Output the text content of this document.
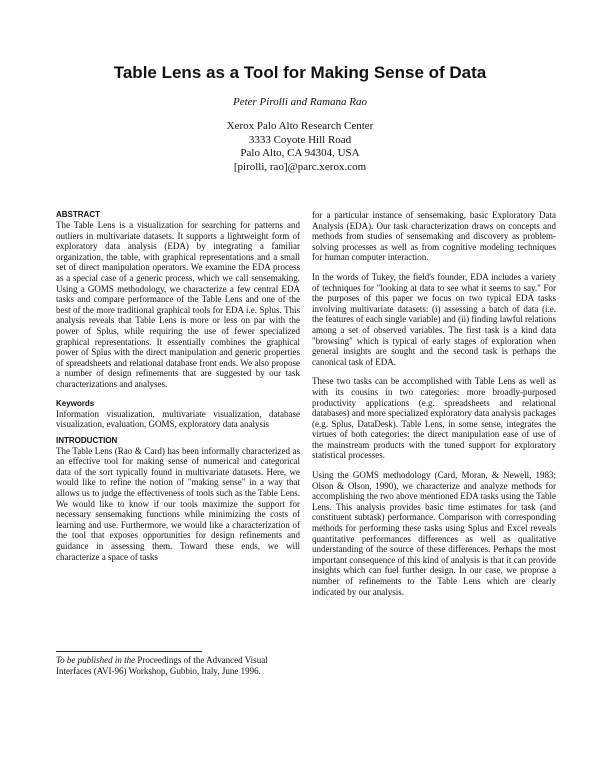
Table Lens as a Tool for Making Sense of Data
Peter Pirolli and Ramana Rao
Xerox Palo Alto Research Center
3333 Coyote Hill Road
Palo Alto, CA 94304, USA
[pirolli, rao]@parc.xerox.com
ABSTRACT

The Table Lens is a visualization for searching for patterns and outliers in multivariate datasets. It supports a lightweight form of exploratory data analysis (EDA) by integrating a familiar organization, the table, with graphical representations and a small set of direct manipulation operators. We examine the EDA process as a special case of a generic process, which we call sensemaking. Using a GOMS methodology, we characterize a few central EDA tasks and compare performance of the Table Lens and one of the best of the more traditional graphical tools for EDA i.e. Splus. This analysis reveals that Table Lens is more or less on par with the power of Splus, while requiring the use of fewer specialized graphical representations. It essentially combines the graphical power of Splus with the direct manipulation and generic properties of spreadsheets and relational database front ends. We also propose a number of design refinements that are suggested by our task characterizations and analyses.

Keywords

Information visualization, multivariate visualization, database visualization, evaluation, GOMS, exploratory data analysis

INTRODUCTION

The Table Lens (Rao & Card) has been informally characterized as an effective tool for making sense of numerical and categorical data of the sort typically found in multivariate datasets. Here, we would like to refine the notion of "making sense" in a way that allows us to judge the effectiveness of tools such as the Table Lens. We would like to know if our tools maximize the support for necessary sensemaking functions while minimizing the costs of learning and use. Furthermore, we would like a characterization of the tool that exposes opportunities for design refinements and guidance in assessing them. Toward these ends, we will characterize a space of tasks

To be published in the Proceedings of the Advanced Visual Interfaces (AVI-96) Workshop, Gubbio, Italy, June 1996.

for a particular instance of sensemaking, basic Exploratory Data Analysis (EDA). Our task characterization draws on concepts and methods from studies of sensemaking and discovery as problem-solving processes as well as from cognitive modeling techniques for human computer interaction.

In the words of Tukey, the field's founder, EDA includes a variety of techniques for "looking at data to see what it seems to say." For the purposes of this paper we focus on two typical EDA tasks involving multivariate datasets: (i) assessing a batch of data (i.e. the features of each single variable) and (ii) finding lawful relations among a set of observed variables. The first task is a kind data "browsing" which is typical of early stages of exploration when general insights are sought and the second task is perhaps the canonical task of EDA.

These two tasks can be accomplished with Table Lens as well as with its cousins in two categories: more broadly-purposed productivity applications (e.g. spreadsheets and relational databases) and more specialized exploratory data analysis packages (e.g. Splus, DataDesk). Table Lens, in some sense, integrates the virtues of both categories: the direct manipulation ease of use of the mainstream products with the tuned support for exploratory statistical processes.

Using the GOMS methodology (Card, Moran, & Newell, 1983; Olson & Olson, 1990), we characterize and analyze methods for accomplishing the two above mentioned EDA tasks using the Table Lens. This analysis provides basic time estimates for task (and constituent subtask) performance. Comparison with corresponding methods for performing these tasks using Splus and Excel reveals quantitative performances differences as well as qualitative understanding of the source of these differences. Perhaps the most important consequence of this kind of analysis is that it can provide insights which can fuel further design. In our case, we propose a number of refinements to the Table Lens which are clearly indicated by our analysis.
